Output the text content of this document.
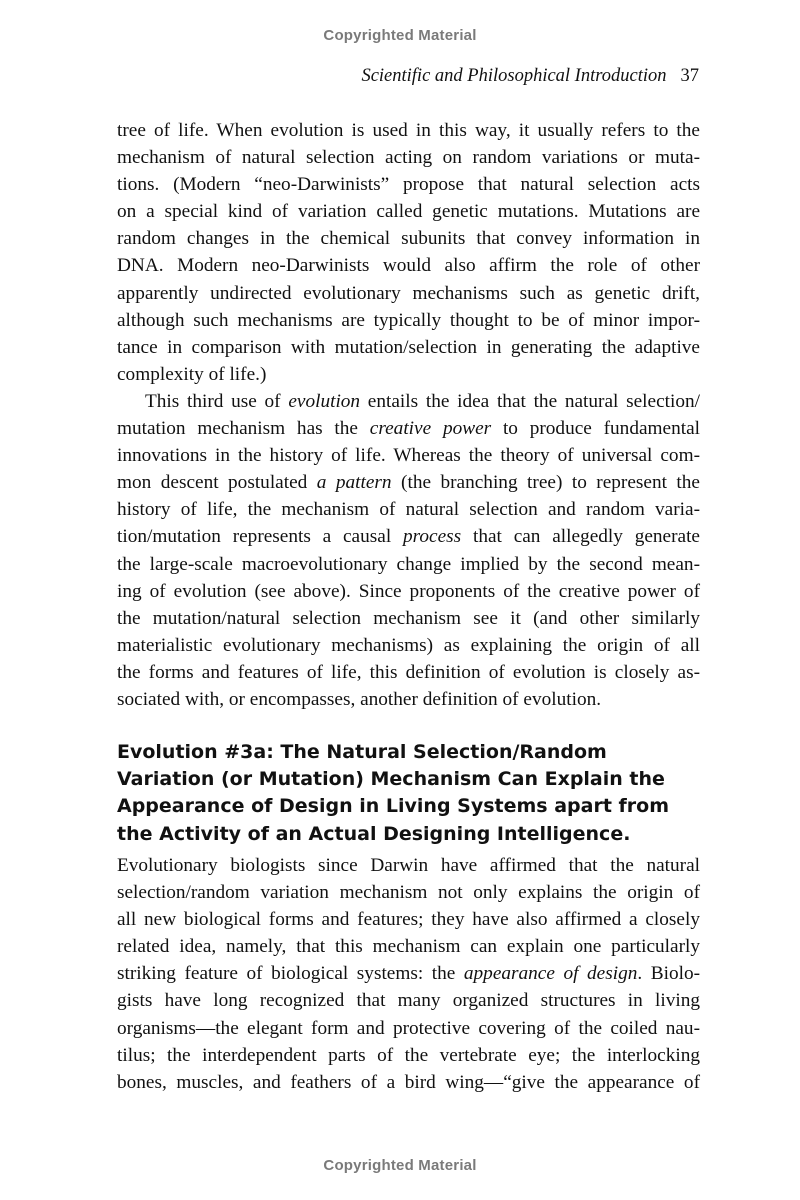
Copyrighted Material
Scientific and Philosophical Introduction 37
tree of life. When evolution is used in this way, it usually refers to the
mechanism of natural selection acting on random variations or muta-
tions. (Modern “neo-Darwinists” propose that natural selection acts
on a special kind of variation called genetic mutations. Mutations are
random changes in the chemical subunits that convey information in
DNA. Modern neo-Darwinists would also affirm the role of other
apparently undirected evolutionary mechanisms such as genetic drift,
although such mechanisms are typically thought to be of minor impor-
tance in comparison with mutation/selection in generating the adaptive
complexity of life.)
This third use of evolution entails the idea that the natural selection/
mutation mechanism has the creative power to produce fundamental
innovations in the history of life. Whereas the theory of universal com-
mon descent postulated a pattern (the branching tree) to represent the
history of life, the mechanism of natural selection and random varia-
tion/mutation represents a causal process that can allegedly generate
the large-scale macroevolutionary change implied by the second mean-
ing of evolution (see above). Since proponents of the creative power of
the mutation/natural selection mechanism see it (and other similarly
materialistic evolutionary mechanisms) as explaining the origin of all
the forms and features of life, this definition of evolution is closely as-
sociated with, or encompasses, another definition of evolution.
Evolution #3a: The Natural Selection/Random
Variation (or Mutation) Mechanism Can Explain the
Appearance of Design in Living Systems apart from
the Activity of an Actual Designing Intelligence.
Evolutionary biologists since Darwin have affirmed that the natural
selection/random variation mechanism not only explains the origin of
all new biological forms and features; they have also affirmed a closely
related idea, namely, that this mechanism can explain one particularly
striking feature of biological systems: the appearance of design. Biolo-
gists have long recognized that many organized structures in living
organisms—the elegant form and protective covering of the coiled nau-
tilus; the interdependent parts of the vertebrate eye; the interlocking
bones, muscles, and feathers of a bird wing—“give the appearance of
Copyrighted Material
